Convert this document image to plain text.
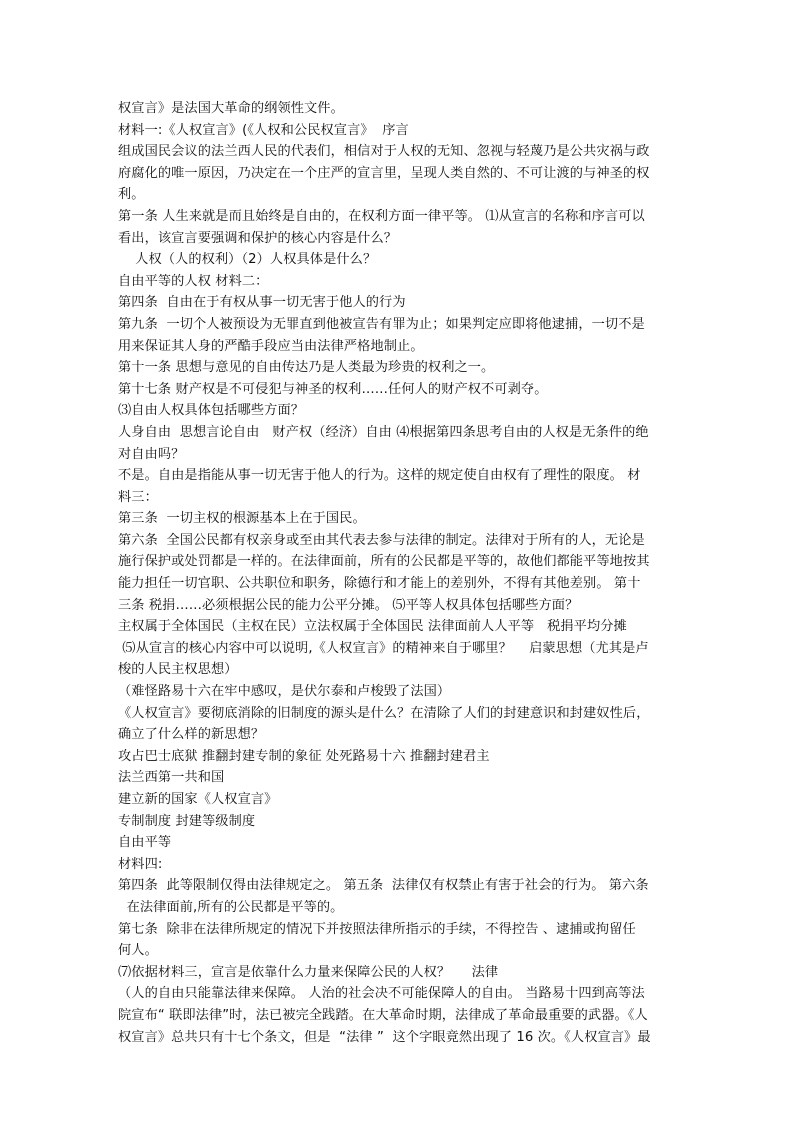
权宣言》是法国大革命的纲领性文件。
材料一:《人权宣言》(《人权和公民权宣言》  序言
组成国民会议的法兰西人民的代表们，相信对于人权的无知、忽视与轻蔑乃是公共灾祸与政
府腐化的唯一原因，乃决定在一个庄严的宣言里，呈现人类自然的、不可让渡的与神圣的权
利。
第一条 人生来就是而且始终是自由的，在权利方面一律平等。 ⑴从宣言的名称和序言可以
看出，该宣言要强调和保护的核心内容是什么？
人权（人的权利）（2）人权具体是什么？
自由平等的人权 材料二：
第四条  自由在于有权从事一切无害于他人的行为
第九条  一切个人被预设为无罪直到他被宣告有罪为止；如果判定应即将他逮捕，一切不是
用来保证其人身的严酷手段应当由法律严格地制止。
第十一条 思想与意见的自由传达乃是人类最为珍贵的权利之一。
第十七条 财产权是不可侵犯与神圣的权利……任何人的财产权不可剥夺。
⑶自由人权具体包括哪些方面？
人身自由  思想言论自由   财产权（经济）自由 ⑷根据第四条思考自由的人权是无条件的绝
对自由吗？
不是。自由是指能从事一切无害于他人的行为。这样的规定使自由权有了理性的限度。 材
料三：
第三条  一切主权的根源基本上在于国民。
第六条  全国公民都有权亲身或至由其代表去参与法律的制定。法律对于所有的人，无论是
施行保护或处罚都是一样的。在法律面前，所有的公民都是平等的，故他们都能平等地按其
能力担任一切官职、公共职位和职务，除德行和才能上的差别外，不得有其他差别。 第十
三条 税捐……必须根据公民的能力公平分摊。 ⑸平等人权具体包括哪些方面？
主权属于全体国民（主权在民）立法权属于全体国民 法律面前人人平等   税捐平均分摊
⑸从宣言的核心内容中可以说明,《人权宣言》的精神来自于哪里？    启蒙思想（尤其是卢
梭的人民主权思想）
（难怪路易十六在牢中感叹，是伏尔泰和卢梭毁了法国）
《人权宣言》要彻底消除的旧制度的源头是什么？在清除了人们的封建意识和封建奴性后，
确立了什么样的新思想？
攻占巴士底狱 推翻封建专制的象征 处死路易十六 推翻封建君主
法兰西第一共和国
建立新的国家《人权宣言》
专制制度 封建等级制度
自由平等
材料四:
第四条  此等限制仅得由法律规定之。 第五条  法律仅有权禁止有害于社会的行为。 第六条
在法律面前,所有的公民都是平等的。
第七条  除非在法律所规定的情况下并按照法律所指示的手续，不得控告 、逮捕或拘留任
何人。
⑺依据材料三，宣言是依靠什么力量来保障公民的人权？     法律
（人的自由只能靠法律来保障。 人治的社会决不可能保障人的自由。 当路易十四到高等法
院宣布“ 联即法律”时，法已被完全践踏。在大革命时期，法律成了革命最重要的武器。《人
权宣言》总共只有十七个条文，但是  “法律 ”  这个字眼竟然出现了 16 次。《人权宣言》最
